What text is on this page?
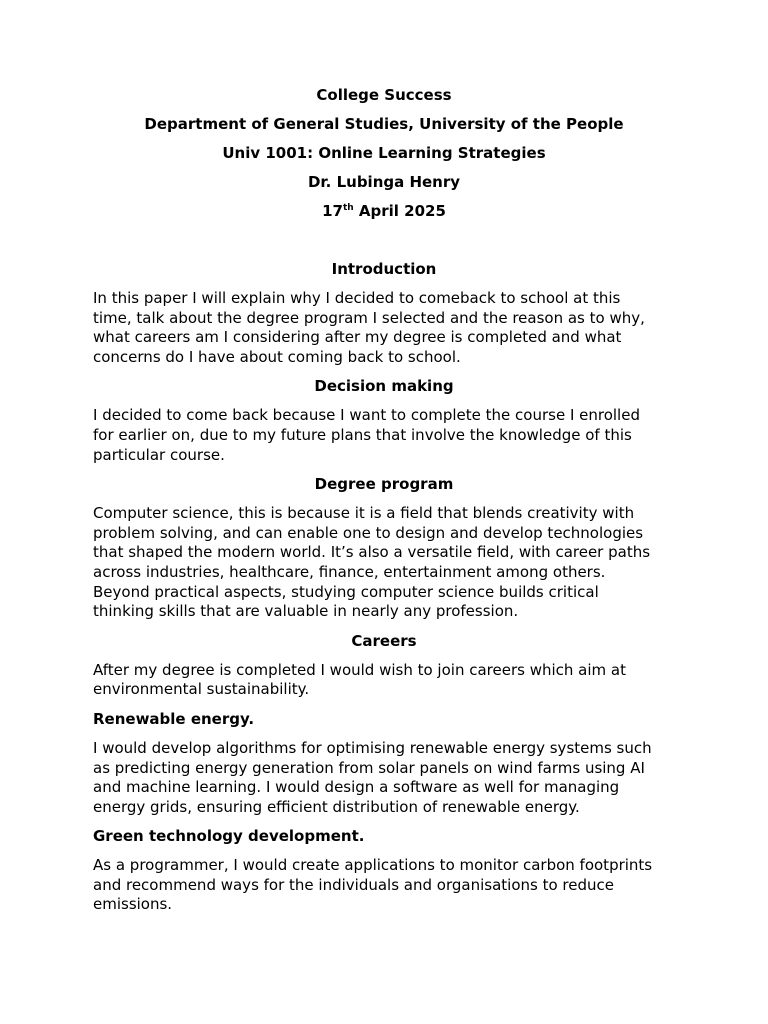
College Success

Department of General Studies, University of the People

Univ 1001: Online Learning Strategies

Dr. Lubinga Henry

17th April 2025

Introduction

In this paper I will explain why I decided to comeback to school at this
time, talk about the degree program I selected and the reason as to why,
what careers am I considering after my degree is completed and what
concerns do I have about coming back to school.

Decision making

I decided to come back because I want to complete the course I enrolled
for earlier on, due to my future plans that involve the knowledge of this
particular course.

Degree program

Computer science, this is because it is a field that blends creativity with
problem solving, and can enable one to design and develop technologies
that shaped the modern world. It’s also a versatile field, with career paths
across industries, healthcare, finance, entertainment among others.
Beyond practical aspects, studying computer science builds critical
thinking skills that are valuable in nearly any profession.

Careers

After my degree is completed I would wish to join careers which aim at
environmental sustainability.

Renewable energy.

I would develop algorithms for optimising renewable energy systems such
as predicting energy generation from solar panels on wind farms using AI
and machine learning. I would design a software as well for managing
energy grids, ensuring efficient distribution of renewable energy.

Green technology development.

As a programmer, I would create applications to monitor carbon footprints
and recommend ways for the individuals and organisations to reduce
emissions.
